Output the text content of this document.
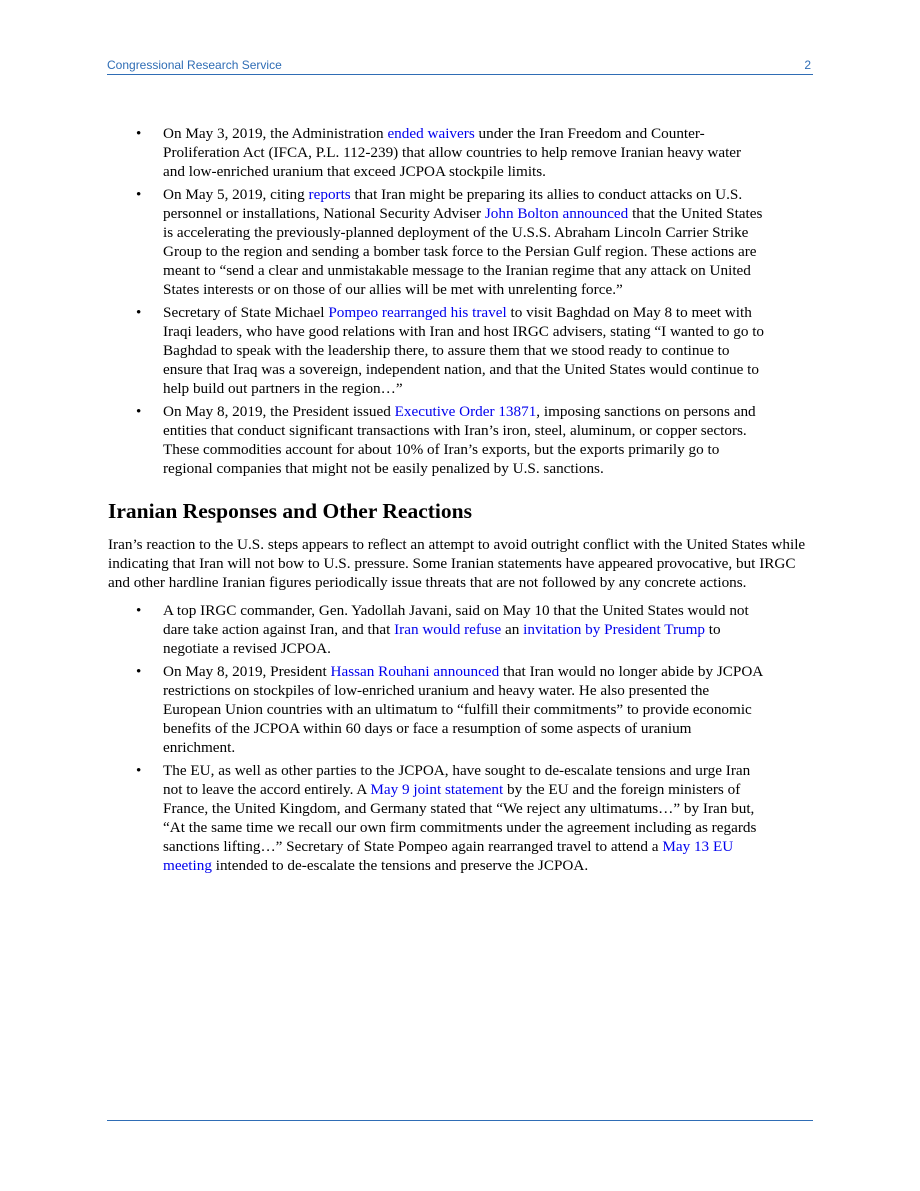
Congressional Research Service	2
• On May 3, 2019, the Administration ended waivers under the Iran Freedom and Counter-Proliferation Act (IFCA, P.L. 112-239) that allow countries to help remove Iranian heavy water and low-enriched uranium that exceed JCPOA stockpile limits.
• On May 5, 2019, citing reports that Iran might be preparing its allies to conduct attacks on U.S. personnel or installations, National Security Adviser John Bolton announced that the United States is accelerating the previously-planned deployment of the U.S.S. Abraham Lincoln Carrier Strike Group to the region and sending a bomber task force to the Persian Gulf region. These actions are meant to “send a clear and unmistakable message to the Iranian regime that any attack on United States interests or on those of our allies will be met with unrelenting force.”
• Secretary of State Michael Pompeo rearranged his travel to visit Baghdad on May 8 to meet with Iraqi leaders, who have good relations with Iran and host IRGC advisers, stating “I wanted to go to Baghdad to speak with the leadership there, to assure them that we stood ready to continue to ensure that Iraq was a sovereign, independent nation, and that the United States would continue to help build out partners in the region…”
• On May 8, 2019, the President issued Executive Order 13871, imposing sanctions on persons and entities that conduct significant transactions with Iran’s iron, steel, aluminum, or copper sectors. These commodities account for about 10% of Iran’s exports, but the exports primarily go to regional companies that might not be easily penalized by U.S. sanctions.
Iranian Responses and Other Reactions

Iran’s reaction to the U.S. steps appears to reflect an attempt to avoid outright conflict with the United States while indicating that Iran will not bow to U.S. pressure. Some Iranian statements have appeared provocative, but IRGC and other hardline Iranian figures periodically issue threats that are not followed by any concrete actions.

• A top IRGC commander, Gen. Yadollah Javani, said on May 10 that the United States would not dare take action against Iran, and that Iran would refuse an invitation by President Trump to negotiate a revised JCPOA.
• On May 8, 2019, President Hassan Rouhani announced that Iran would no longer abide by JCPOA restrictions on stockpiles of low-enriched uranium and heavy water. He also presented the European Union countries with an ultimatum to “fulfill their commitments” to provide economic benefits of the JCPOA within 60 days or face a resumption of some aspects of uranium enrichment.
• The EU, as well as other parties to the JCPOA, have sought to de-escalate tensions and urge Iran not to leave the accord entirely. A May 9 joint statement by the EU and the foreign ministers of France, the United Kingdom, and Germany stated that “We reject any ultimatums…” by Iran but, “At the same time we recall our own firm commitments under the agreement including as regards sanctions lifting…” Secretary of State Pompeo again rearranged travel to attend a May 13 EU meeting intended to de-escalate the tensions and preserve the JCPOA.
